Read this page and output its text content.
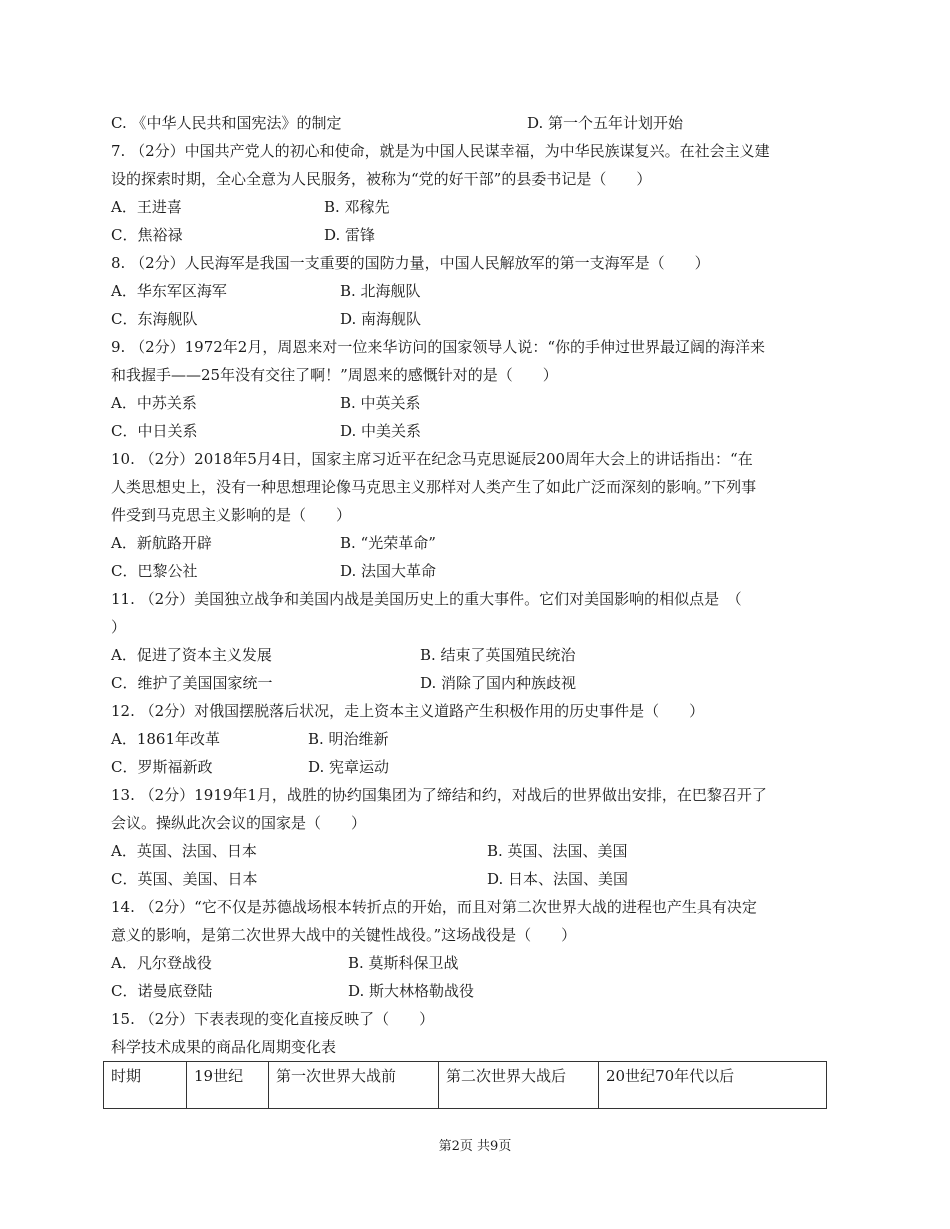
C. 《中华人民共和国宪法》的制定	D. 第一个五年计划开始
7. （2分）中国共产党人的初心和使命，就是为中国人民谋幸福，为中华民族谋复兴。在社会主义建
设的探索时期，全心全意为人民服务，被称为“党的好干部”的县委书记是（　　）
A．王进喜	B. 邓稼先
C．焦裕禄	D. 雷锋
8. （2分）人民海军是我国一支重要的国防力量，中国人民解放军的第一支海军是（　　）
A．华东军区海军	B. 北海舰队
C．东海舰队	D. 南海舰队
9. （2分）1972年2月，周恩来对一位来华访问的国家领导人说：“你的手伸过世界最辽阔的海洋来
和我握手——25年没有交往了啊！”周恩来的感慨针对的是（　　）
A．中苏关系	B. 中英关系
C．中日关系	D. 中美关系
10. （2分）2018年5月4日，国家主席习近平在纪念马克思诞辰200周年大会上的讲话指出：“在
人类思想史上，没有一种思想理论像马克思主义那样对人类产生了如此广泛而深刻的影响。”下列事
件受到马克思主义影响的是（　　）
A．新航路开辟	B. “光荣革命”
C．巴黎公社	D. 法国大革命
11. （2分）美国独立战争和美国内战是美国历史上的重大事件。它们对美国影响的相似点是　（
）
A．促进了资本主义发展	B. 结束了英国殖民统治
C．维护了美国国家统一	D. 消除了国内种族歧视
12. （2分）对俄国摆脱落后状况，走上资本主义道路产生积极作用的历史事件是（　　）
A．1861年改革	B. 明治维新
C．罗斯福新政	D. 宪章运动
13. （2分）1919年1月，战胜的协约国集团为了缔结和约，对战后的世界做出安排，在巴黎召开了
会议。操纵此次会议的国家是（　　）
A．英国、法国、日本	B. 英国、法国、美国
C．英国、美国、日本	D. 日本、法国、美国
14. （2分）“它不仅是苏德战场根本转折点的开始，而且对第二次世界大战的进程也产生具有决定
意义的影响，是第二次世界大战中的关键性战役。”这场战役是（　　）
A．凡尔登战役	B. 莫斯科保卫战
C．诺曼底登陆	D. 斯大林格勒战役
15. （2分）下表表现的变化直接反映了（　　）
科学技术成果的商品化周期变化表
时期	19世纪	第一次世界大战前	第二次世界大战后	20世纪70年代以后
第2页 共9页
